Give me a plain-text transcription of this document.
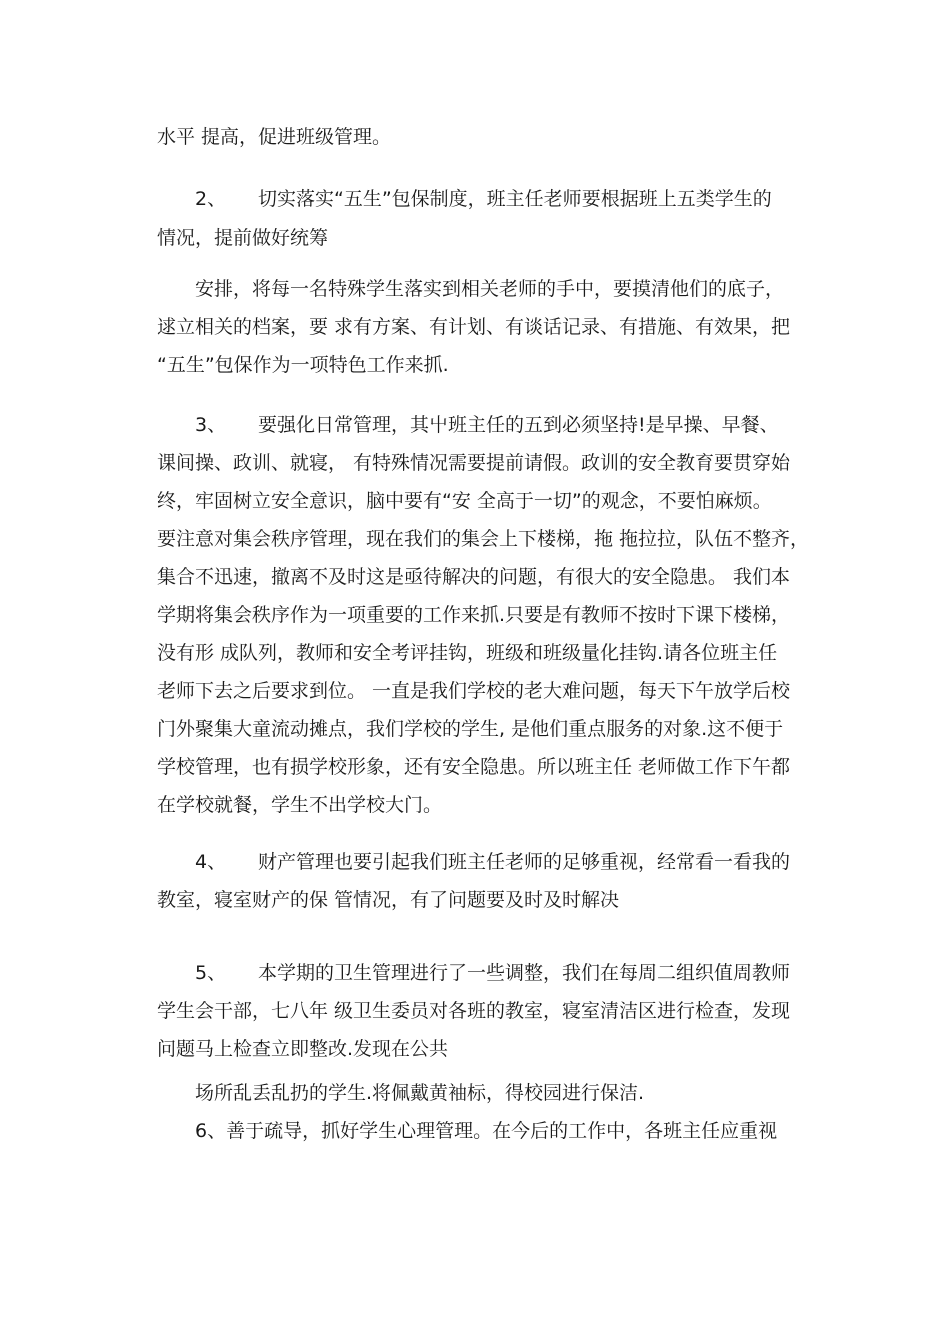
水平 提高，促进班级管理。
2、 切实落实“五生”包保制度，班主任老师要根据班上五类学生的
情况，提前做好统筹
安排，将每一名特殊学生落实到相关老师的手中，要摸清他们的底子，
逑立相关的档案，要 求有方案、有计划、有谈话记录、有措施、有效果，把
“五生”包保作为一项特色工作来抓.
3、 要强化日常管理，其屮班主任的五到必须坚持!是早操、早餐、
课间操、政训、就寝， 有特殊情况需要提前请假。政训的安全教育要贯穿始
终，牢固树立安全意识，脑中要有“安 全高于一切”的观念，不要怕麻烦。
要注意对集会秩序管理，现在我们的集会上下楼梯，拖 拖拉拉，队伍不整齐，
集合不迅速，撤离不及时这是亟待解决的问题，有很大的安全隐患。 我们本
学期将集会秩序作为一项重要的工作来抓.只要是有教师不按时下课下楼梯，
没有形 成队列，教师和安全考评挂钩，班级和班级量化挂钩.请各位班主任
老师下去之后要求到位。 一直是我们学校的老大难问题，每天下午放学后校
门外聚集大童流动摊点，我们学校的学生, 是他们重点服务的对象.这不便于
学校管理，也有损学校形象，还有安全隐患。所以班主任 老师做工作下午都
在学校就餐，学生不出学校大门。
4、 财产管理也要引起我们班主任老师的足够重视，经常看一看我的
教室，寝室财产的保 管情况，有了问题要及时及时解决
5、 本学期的卫生管理进行了一些调整，我们在每周二组织值周教师
学生会干部，七八年 级卫生委员对各班的教室，寝室清洁区进行检查，发现
问题马上检查立即整改.发现在公共
场所乱丢乱扔的学生.将佩戴黄袖标，得校园进行保洁.
6、善于疏导，抓好学生心理管理。在今后的工作中，各班主任应重视
